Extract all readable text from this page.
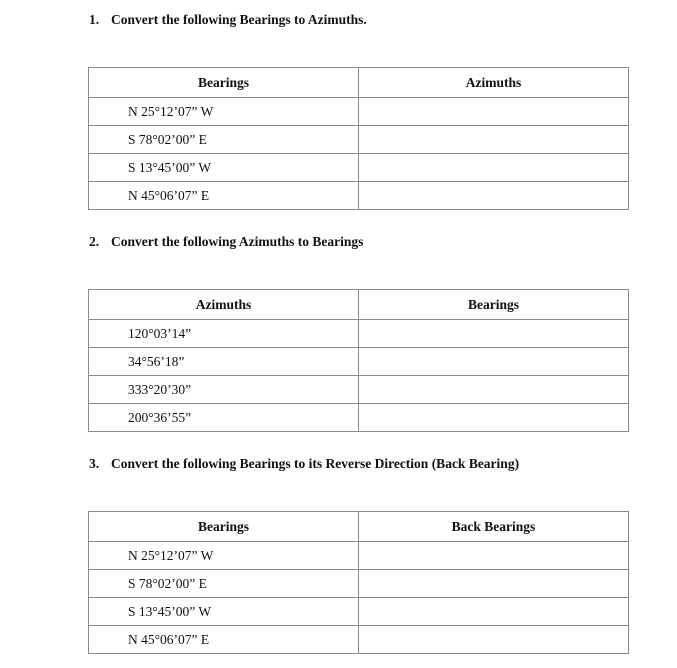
1. Convert the following Bearings to Azimuths.
Bearings	Azimuths
N 25°12’07” W	
S 78°02’00” E	
S 13°45’00” W	
N 45°06’07” E	
2. Convert the following Azimuths to Bearings
Azimuths	Bearings
120°03’14”	
34°56’18”	
333°20’30”	
200°36’55”	
3. Convert the following Bearings to its Reverse Direction (Back Bearing)
Bearings	Back Bearings
N 25°12’07” W	
S 78°02’00” E	
S 13°45’00” W	
N 45°06’07” E	
